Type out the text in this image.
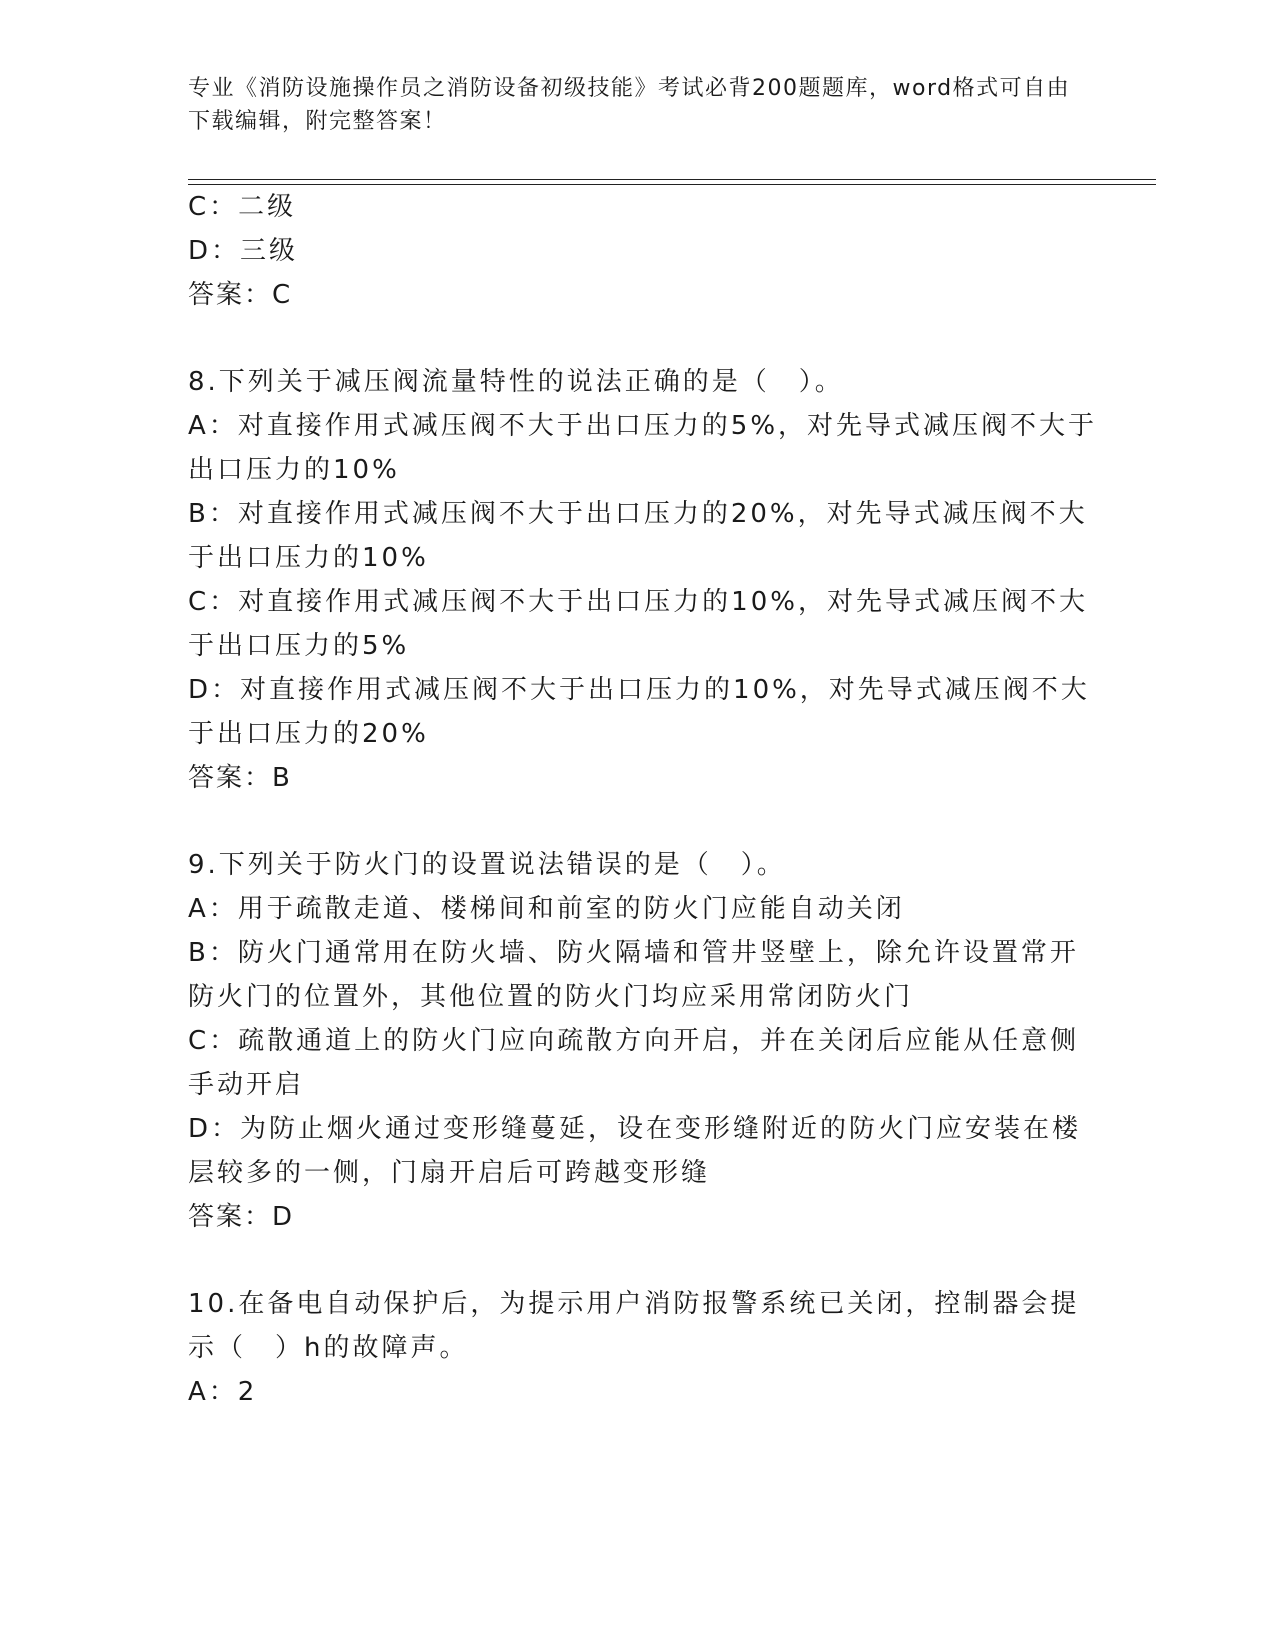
专业《消防设施操作员之消防设备初级技能》考试必背200题题库，word格式可自由下载编辑，附完整答案！
C：二级
D：三级
答案：C
8.下列关于减压阀流量特性的说法正确的是（　）。
A：对直接作用式减压阀不大于出口压力的5%，对先导式减压阀不大于
出口压力的10%
B：对直接作用式减压阀不大于出口压力的20%，对先导式减压阀不大
于出口压力的10%
C：对直接作用式减压阀不大于出口压力的10%，对先导式减压阀不大
于出口压力的5%
D：对直接作用式减压阀不大于出口压力的10%，对先导式减压阀不大
于出口压力的20%
答案：B
9.下列关于防火门的设置说法错误的是（　）。
A：用于疏散走道、楼梯间和前室的防火门应能自动关闭
B：防火门通常用在防火墙、防火隔墙和管井竖壁上，除允许设置常开
防火门的位置外，其他位置的防火门均应采用常闭防火门
C：疏散通道上的防火门应向疏散方向开启，并在关闭后应能从任意侧
手动开启
D：为防止烟火通过变形缝蔓延，设在变形缝附近的防火门应安装在楼
层较多的一侧，门扇开启后可跨越变形缝
答案：D
10.在备电自动保护后，为提示用户消防报警系统已关闭，控制器会提
示（　）h的故障声。
A：2
